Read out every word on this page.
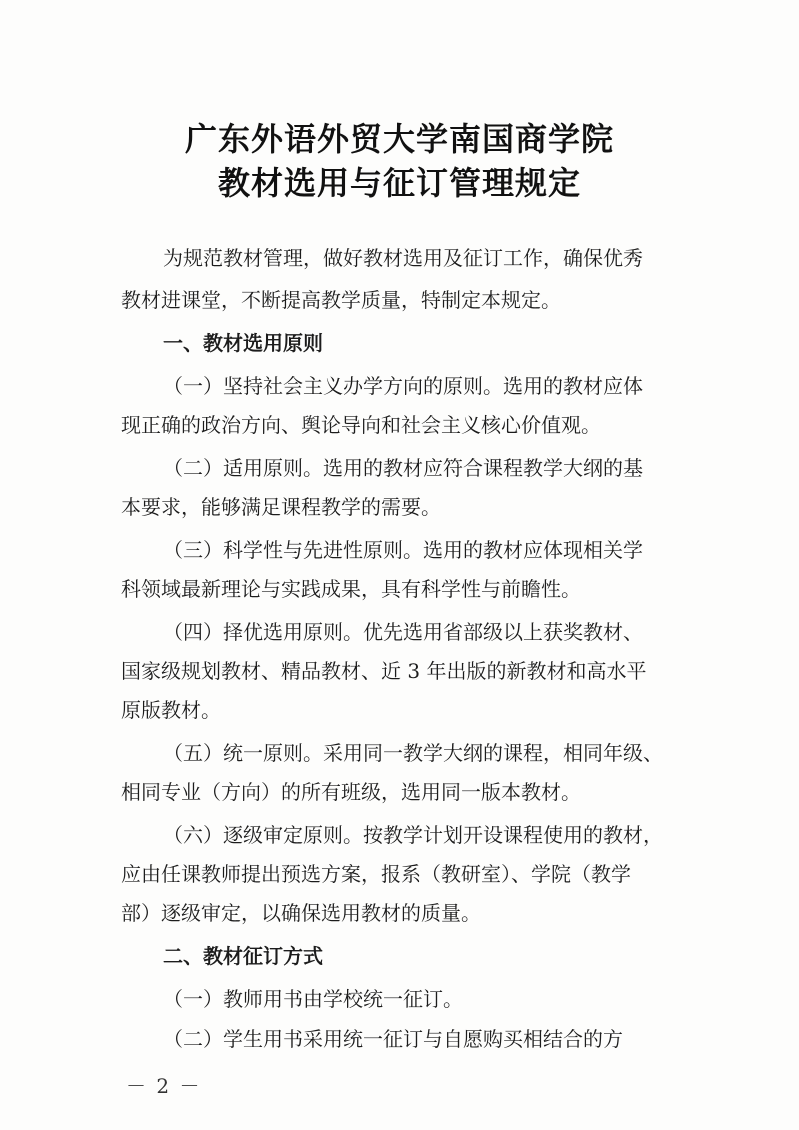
广东外语外贸大学南国商学院
教材选用与征订管理规定
为规范教材管理，做好教材选用及征订工作，确保优秀
教材进课堂，不断提高教学质量，特制定本规定。
一、教材选用原则
（一）坚持社会主义办学方向的原则。选用的教材应体
现正确的政治方向、舆论导向和社会主义核心价值观。
（二）适用原则。选用的教材应符合课程教学大纲的基
本要求，能够满足课程教学的需要。
（三）科学性与先进性原则。选用的教材应体现相关学
科领域最新理论与实践成果，具有科学性与前瞻性。
（四）择优选用原则。优先选用省部级以上获奖教材、
国家级规划教材、精品教材、近 3 年出版的新教材和高水平
原版教材。
（五）统一原则。采用同一教学大纲的课程，相同年级、
相同专业（方向）的所有班级，选用同一版本教材。
（六）逐级审定原则。按教学计划开设课程使用的教材，
应由任课教师提出预选方案，报系（教研室）、学院（教学
部）逐级审定，以确保选用教材的质量。
二、教材征订方式
（一）教师用书由学校统一征订。
（二）学生用书采用统一征订与自愿购买相结合的方
－ 2 －
